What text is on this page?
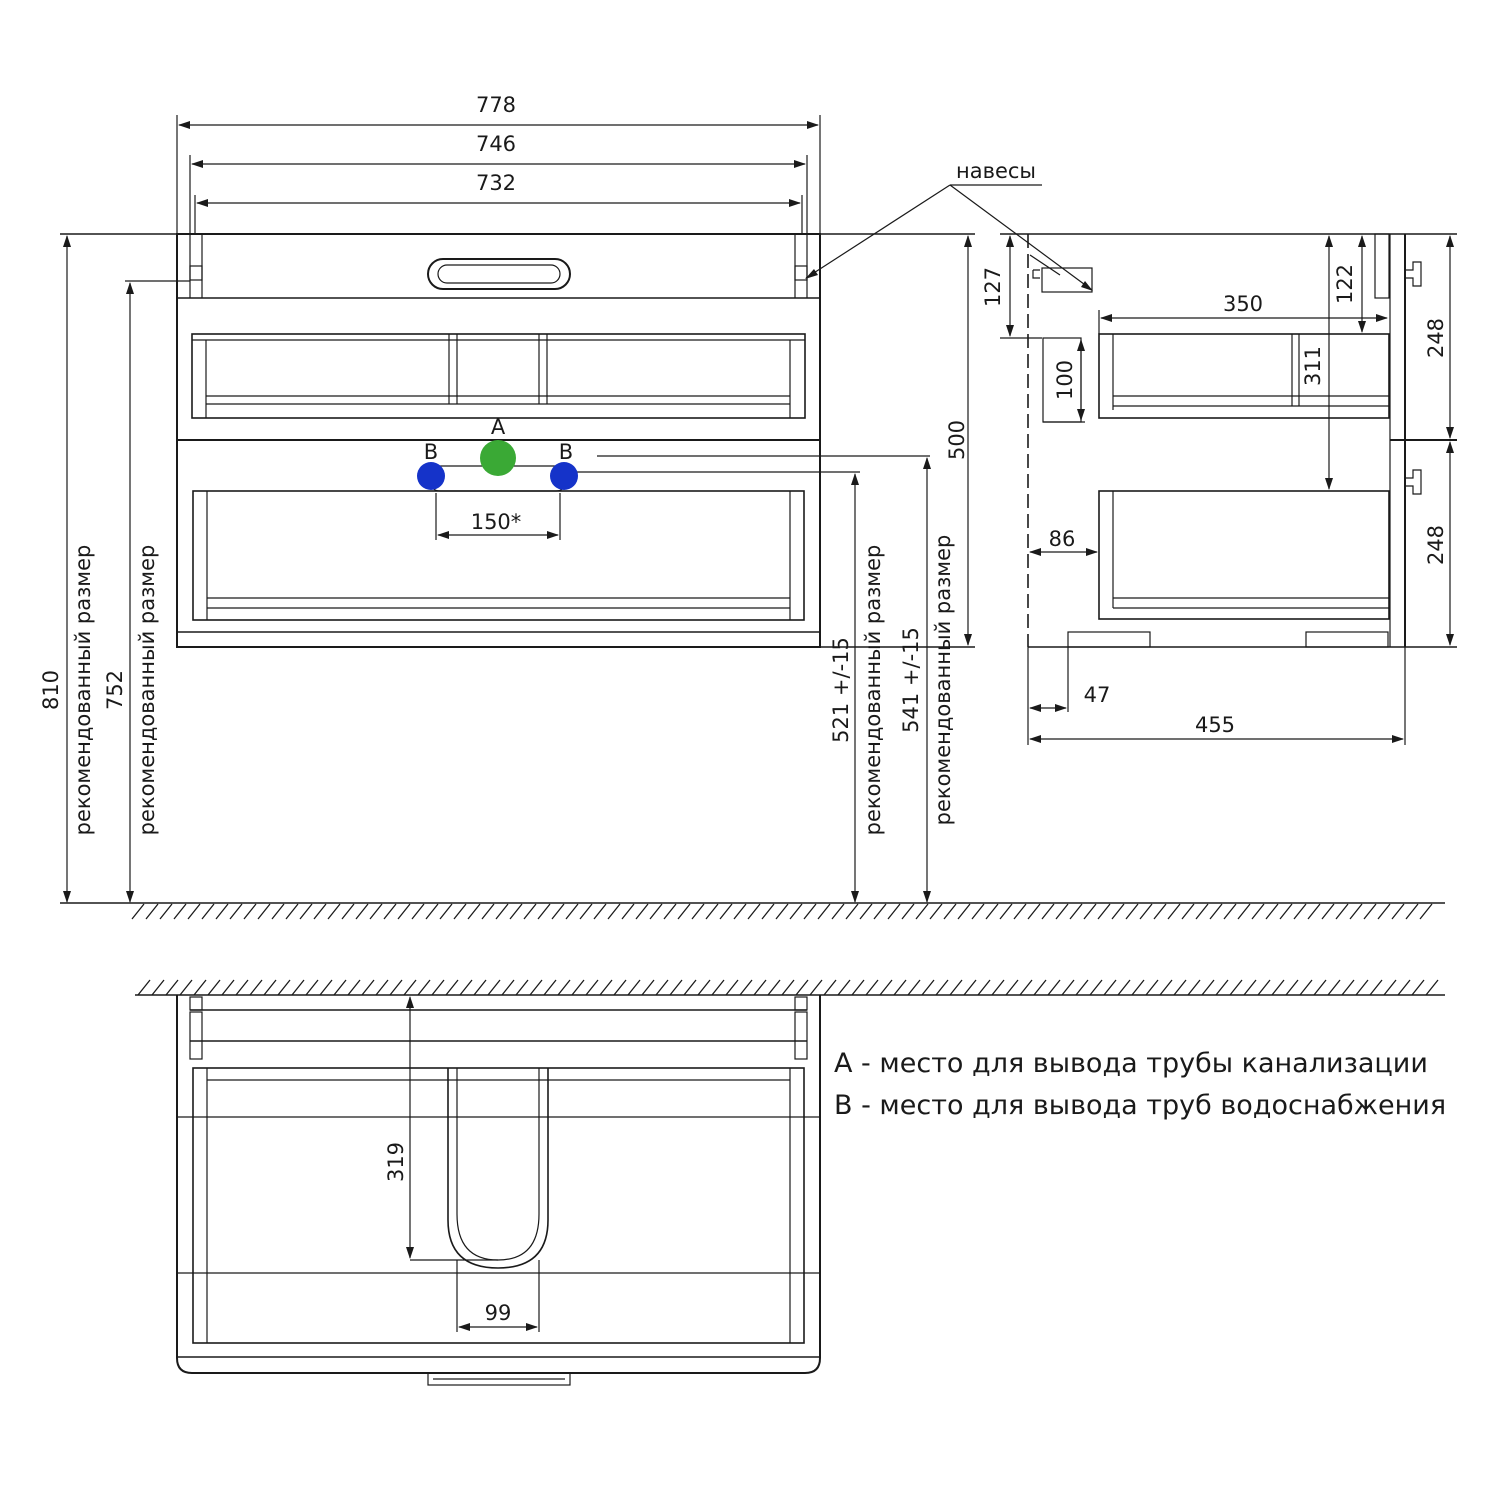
B
A
B
150*
778
746
732	навесы
810 рекомендованный размер 752 рекомендованный размер
500
521 +/-15 рекомендованный размер 541 +/-15 рекомендованный размер
127
100
350	122
311
248
248
86
47
455
319
99
A - место для вывода трубы канализации
B - место для вывода труб водоснабжения
